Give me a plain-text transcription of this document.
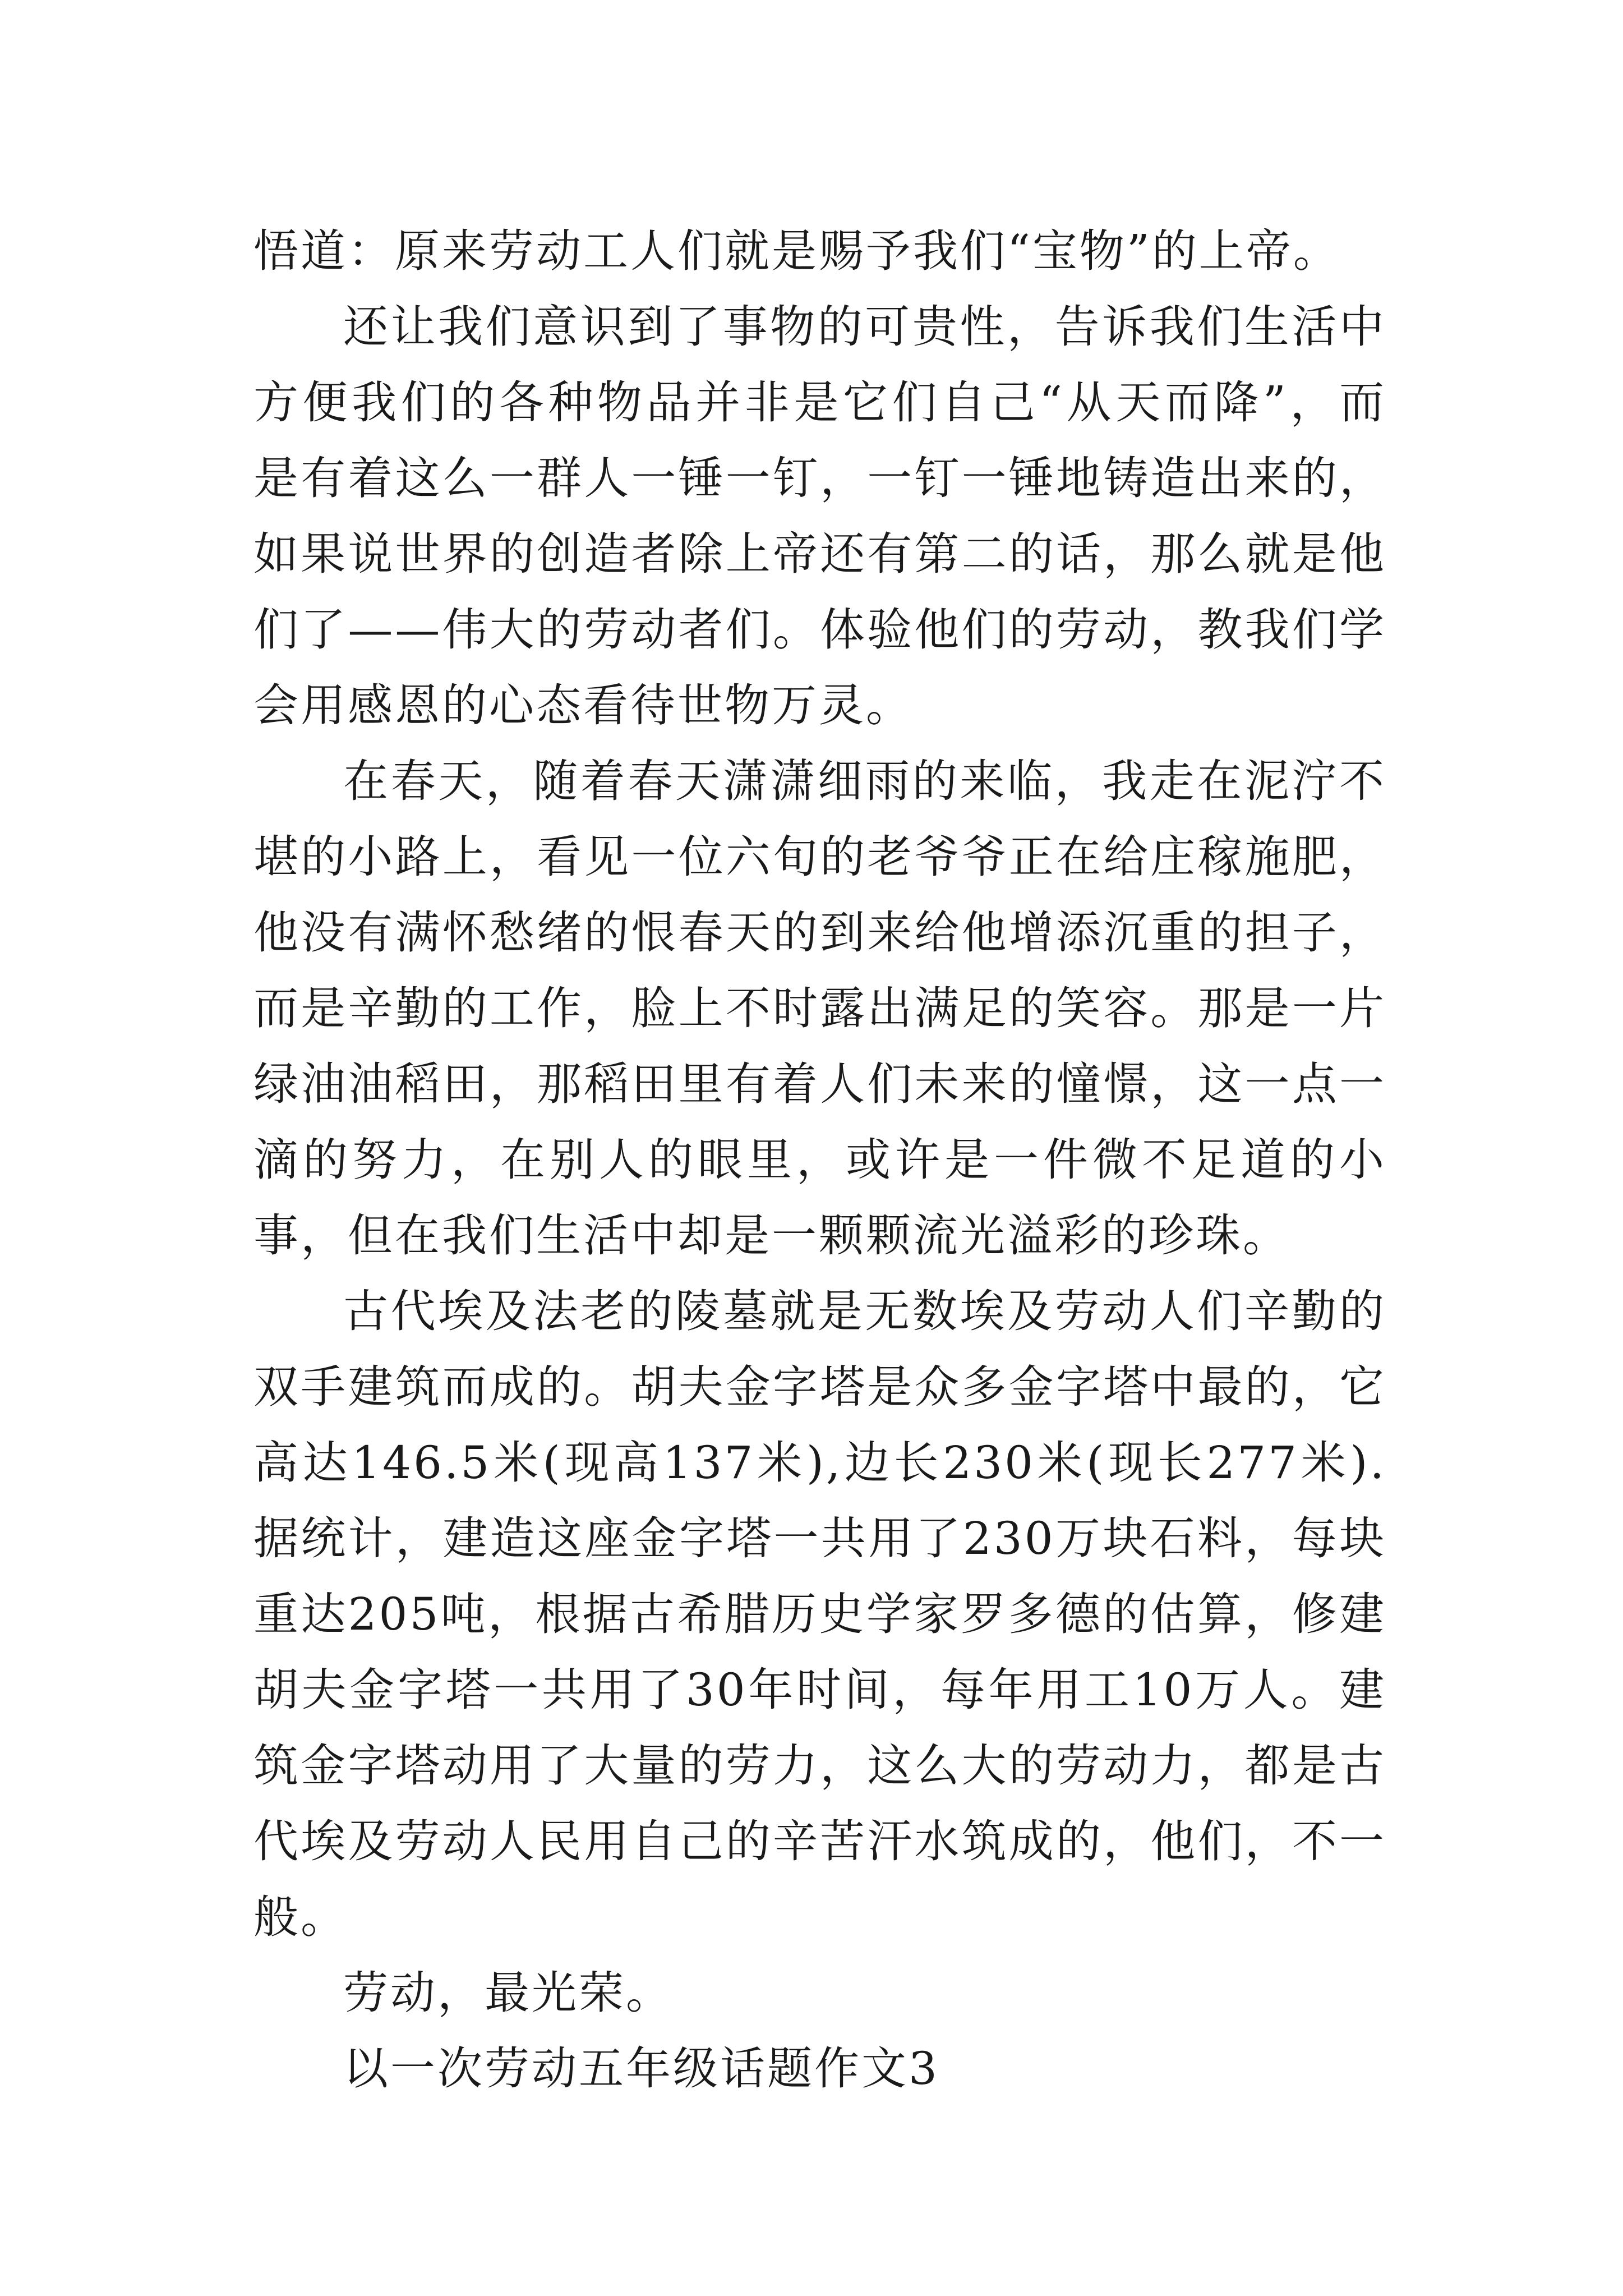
悟道：原来劳动工人们就是赐予我们“宝物”的上帝。

还让我们意识到了事物的可贵性，告诉我们生活中方便我们的各种物品并非是它们自己“从天而降”，而是有着这么一群人一锤一钉，一钉一锤地铸造出来的，如果说世界的创造者除上帝还有第二的话，那么就是他们了——伟大的劳动者们。体验他们的劳动，教我们学会用感恩的心态看待世物万灵。

在春天，随着春天潇潇细雨的来临，我走在泥泞不堪的小路上，看见一位六旬的老爷爷正在给庄稼施肥，他没有满怀愁绪的恨春天的到来给他增添沉重的担子，而是辛勤的工作，脸上不时露出满足的笑容。那是一片绿油油稻田，那稻田里有着人们未来的憧憬，这一点一滴的努力，在别人的眼里，或许是一件微不足道的小事，但在我们生活中却是一颗颗流光溢彩的珍珠。

古代埃及法老的陵墓就是无数埃及劳动人们辛勤的双手建筑而成的。胡夫金字塔是众多金字塔中最的，它高达146.5米(现高137米),边长230米(现长277米).据统计，建造这座金字塔一共用了230万块石料，每块重达205吨，根据古希腊历史学家罗多德的估算，修建胡夫金字塔一共用了30年时间，每年用工10万人。建筑金字塔动用了大量的劳力，这么大的劳动力，都是古代埃及劳动人民用自己的辛苦汗水筑成的，他们，不一般。

劳动，最光荣。

以一次劳动五年级话题作文3
